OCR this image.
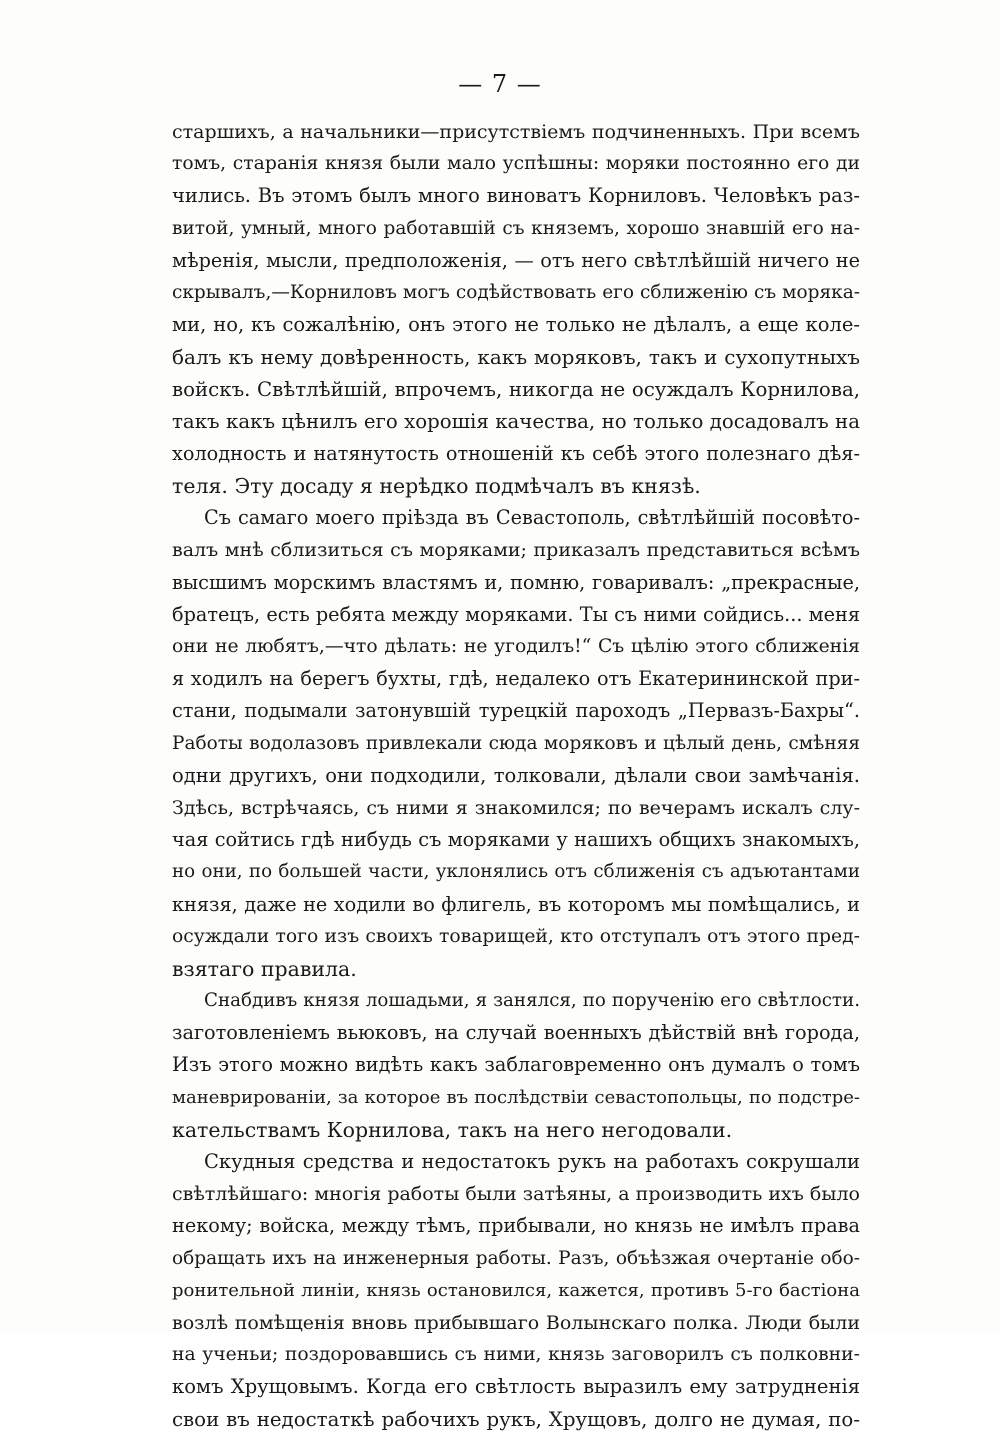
— 7 —
старшихъ, а начальники—присутствiемъ подчиненныхъ. При всемъ
томъ, старанiя князя были мало успѣшны: моряки постоянно его ди
чились. Въ этомъ былъ много виноватъ Корниловъ. Человѣкъ раз-
витой, умный, много работавшiй съ княземъ, хорошо знавшiй его на-
мѣренiя, мысли, предположенiя, — отъ него свѣтлѣйшiй ничего не
скрывалъ,—Корниловъ могъ содѣйствовать его сближенiю съ моряка-
ми, но, къ сожалѣнiю, онъ этого не только не дѣлалъ, а еще коле-
балъ къ нему довѣренность, какъ моряковъ, такъ и сухопутныхъ
войскъ. Свѣтлѣйшiй, впрочемъ, никогда не осуждалъ Корнилова,
такъ какъ цѣнилъ его хорошiя качества, но только досадовалъ на
холодность и натянутость отношенiй къ себѣ этого полезнаго дѣя-
теля. Эту досаду я нерѣдко подмѣчалъ въ князѣ.
Съ самаго моего прiѣзда въ Севастополь, свѣтлѣйшiй посовѣто-
валъ мнѣ сблизиться съ моряками; приказалъ представиться всѣмъ
высшимъ морскимъ властямъ и, помню, говаривалъ: „прекрасные,
братецъ, есть ребята между моряками. Ты съ ними сойдись... меня
они не любятъ,—что дѣлать: не угодилъ!“ Съ цѣлiю этого сближенiя
я ходилъ на берегъ бухты, гдѣ, недалеко отъ Екатерининской при-
стани, подымали затонувшiй турецкiй пароходъ „Первазъ-Бахры“.
Работы водолазовъ привлекали сюда моряковъ и цѣлый день, смѣняя
одни другихъ, они подходили, толковали, дѣлали свои замѣчанiя.
Здѣсь, встрѣчаясь, съ ними я знакомился; по вечерамъ искалъ слу-
чая сойтись гдѣ нибудь съ моряками у нашихъ общихъ знакомыхъ,
но они, по большей части, уклонялись отъ сближенiя съ адъютантами
князя, даже не ходили во флигель, въ которомъ мы помѣщались, и
осуждали того изъ своихъ товарищей, кто отступалъ отъ этого пред-
взятаго правила.
Снабдивъ князя лошадьми, я занялся, по порученiю его свѣтлости.
заготовленiемъ вьюковъ, на случай военныхъ дѣйствiй внѣ города,
Изъ этого можно видѣть какъ заблаговременно онъ думалъ о томъ
маневрированiи, за которое въ послѣдствiи севастопольцы, по подстре-
кательствамъ Корнилова, такъ на него негодовали.
Скудныя средства и недостатокъ рукъ на работахъ сокрушали
свѣтлѣйшаго: многiя работы были затѣяны, а производить ихъ было
некому; войска, между тѣмъ, прибывали, но князь не имѣлъ права
обращать ихъ на инженерныя работы. Разъ, объѣзжая очертанiе обо-
ронительной линiи, князь остановился, кажется, противъ 5-го бастiона
возлѣ помѣщенiя вновь прибывшаго Волынскаго полка. Люди были
на ученьи; поздоровавшись съ ними, князь заговорилъ съ полковни-
комъ Хрущовымъ. Когда его свѣтлость выразилъ ему затрудненiя
свои въ недостаткѣ рабочихъ рукъ, Хрущовъ, долго не думая, по-
